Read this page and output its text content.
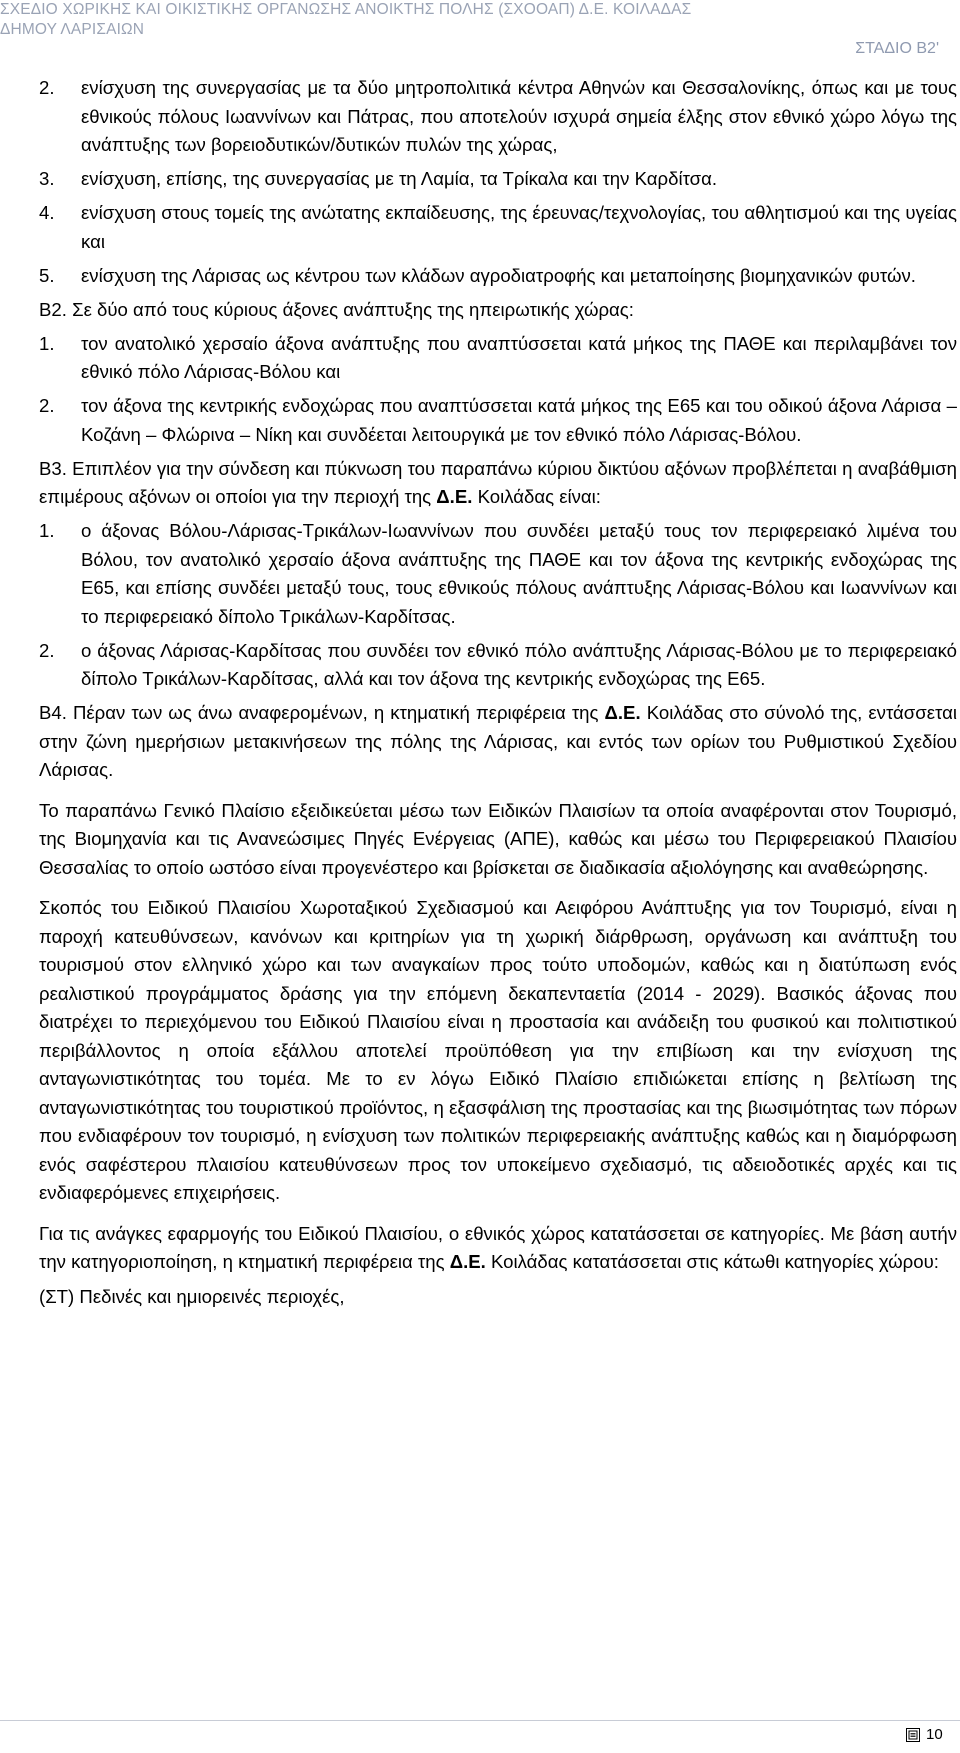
ΣΧΕΔΙΟ ΧΩΡΙΚΗΣ ΚΑΙ ΟΙΚΙΣΤΙΚΗΣ ΟΡΓΑΝΩΣΗΣ ΑΝΟΙΚΤΗΣ ΠΟΛΗΣ (ΣΧΟΟΑΠ) Δ.Ε. ΚΟΙΛΑΔΑΣ
ΔΗΜΟΥ ΛΑΡΙΣΑΙΩΝ
ΣΤΑΔΙΟ Β2'
2. ενίσχυση της συνεργασίας με τα δύο μητροπολιτικά κέντρα Αθηνών και Θεσσαλονίκης, όπως και με τους εθνικούς πόλους Ιωαννίνων και Πάτρας, που αποτελούν ισχυρά σημεία έλξης στον εθνικό χώρο λόγω της ανάπτυξης των βορειοδυτικών/δυτικών πυλών της χώρας,
3. ενίσχυση, επίσης, της συνεργασίας με τη Λαμία, τα Τρίκαλα και την Καρδίτσα.
4. ενίσχυση στους τομείς της ανώτατης εκπαίδευσης, της έρευνας/τεχνολογίας, του αθλητισμού και της υγείας και
5. ενίσχυση της Λάρισας ως κέντρου των κλάδων αγροδιατροφής και μεταποίησης βιομηχανικών φυτών.
Β2. Σε δύο από τους κύριους άξονες ανάπτυξης της ηπειρωτικής χώρας:
1. τον ανατολικό χερσαίο άξονα ανάπτυξης που αναπτύσσεται κατά μήκος της ΠΑΘΕ και περιλαμβάνει τον εθνικό πόλο Λάρισας-Βόλου και
2. τον άξονα της κεντρικής ενδοχώρας που αναπτύσσεται κατά μήκος της Ε65 και του οδικού άξονα Λάρισα – Κοζάνη – Φλώρινα – Νίκη και συνδέεται λειτουργικά με τον εθνικό πόλο Λάρισας-Βόλου.
Β3. Επιπλέον για την σύνδεση και πύκνωση του παραπάνω κύριου δικτύου αξόνων προβλέπεται η αναβάθμιση επιμέρους αξόνων οι οποίοι για την περιοχή της Δ.Ε. Κοιλάδας είναι:
1. ο άξονας Βόλου-Λάρισας-Τρικάλων-Ιωαννίνων που συνδέει μεταξύ τους τον περιφερειακό λιμένα του Βόλου, τον ανατολικό χερσαίο άξονα ανάπτυξης της ΠΑΘΕ και τον άξονα της κεντρικής ενδοχώρας της Ε65, και επίσης συνδέει μεταξύ τους, τους εθνικούς πόλους ανάπτυξης Λάρισας-Βόλου και Ιωαννίνων και το περιφερειακό δίπολο Τρικάλων-Καρδίτσας.
2. ο άξονας Λάρισας-Καρδίτσας που συνδέει τον εθνικό πόλο ανάπτυξης Λάρισας-Βόλου με το περιφερειακό δίπολο Τρικάλων-Καρδίτσας, αλλά και τον άξονα της κεντρικής ενδοχώρας της Ε65.
Β4. Πέραν των ως άνω αναφερομένων, η κτηματική περιφέρεια της Δ.Ε. Κοιλάδας στο σύνολό της, εντάσσεται στην ζώνη ημερήσιων μετακινήσεων της πόλης της Λάρισας, και εντός των ορίων του Ρυθμιστικού Σχεδίου Λάρισας.
Το παραπάνω Γενικό Πλαίσιο εξειδικεύεται μέσω των Ειδικών Πλαισίων τα οποία αναφέρονται στον Τουρισμό, της Βιομηχανία και τις Ανανεώσιμες Πηγές Ενέργειας (ΑΠΕ), καθώς και μέσω του Περιφερειακού Πλαισίου Θεσσαλίας το οποίο ωστόσο είναι προγενέστερο και βρίσκεται σε διαδικασία αξιολόγησης και αναθεώρησης.
Σκοπός του Ειδικού Πλαισίου Χωροταξικού Σχεδιασμού και Αειφόρου Ανάπτυξης για τον Τουρισμό, είναι η παροχή κατευθύνσεων, κανόνων και κριτηρίων για τη χωρική διάρθρωση, οργάνωση και ανάπτυξη του τουρισμού στον ελληνικό χώρο και των αναγκαίων προς τούτο υποδομών, καθώς και η διατύπωση ενός ρεαλιστικού προγράμματος δράσης για την επόμενη δεκαπενταετία (2014 - 2029). Βασικός άξονας που διατρέχει το περιεχόμενου του Ειδικού Πλαισίου είναι η προστασία και ανάδειξη του φυσικού και πολιτιστικού περιβάλλοντος η οποία εξάλλου αποτελεί προϋπόθεση για την επιβίωση και την ενίσχυση της ανταγωνιστικότητας του τομέα. Με το εν λόγω Ειδικό Πλαίσιο επιδιώκεται επίσης η βελτίωση της ανταγωνιστικότητας του τουριστικού προϊόντος, η εξασφάλιση της προστασίας και της βιωσιμότητας των πόρων που ενδιαφέρουν τον τουρισμό, η ενίσχυση των πολιτικών περιφερειακής ανάπτυξης καθώς και η διαμόρφωση ενός σαφέστερου πλαισίου κατευθύνσεων προς τον υποκείμενο σχεδιασμό, τις αδειοδοτικές αρχές και τις ενδιαφερόμενες επιχειρήσεις.
Για τις ανάγκες εφαρμογής του Ειδικού Πλαισίου, ο εθνικός χώρος κατατάσσεται σε κατηγορίες. Με βάση αυτήν την κατηγοριοποίηση, η κτηματική περιφέρεια της Δ.Ε. Κοιλάδας κατατάσσεται στις κάτωθι κατηγορίες χώρου:
(ΣΤ) Πεδινές και ημιορεινές περιοχές,
10
